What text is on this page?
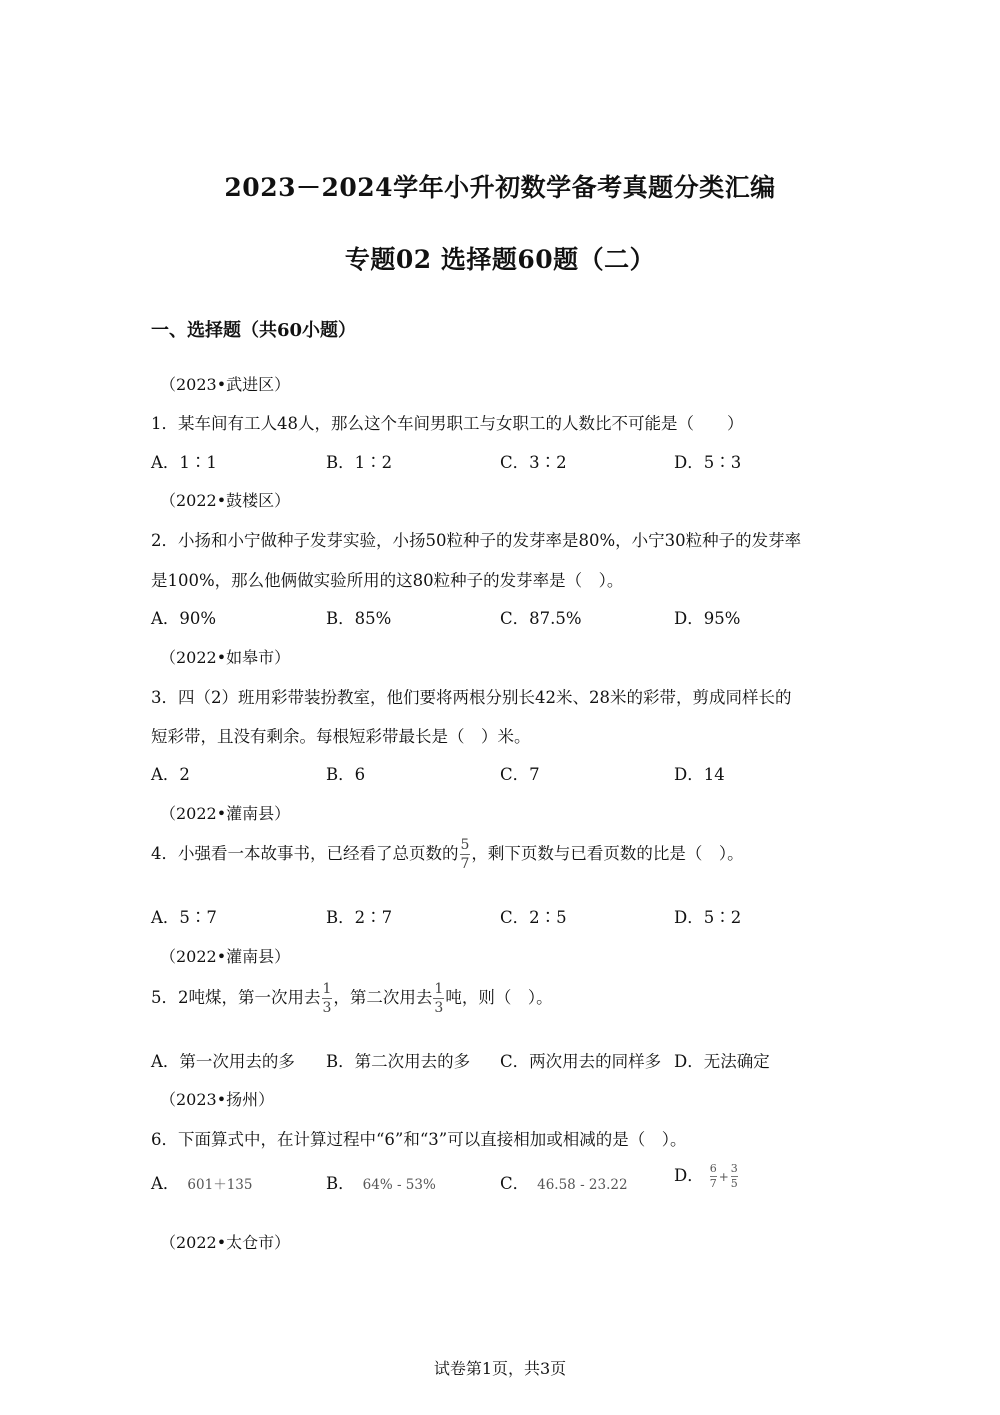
2023－2024学年小升初数学备考真题分类汇编
专题02 选择题60题（二）
一、选择题（共60小题）
（2023•武进区）
1．某车间有工人48人，那么这个车间男职工与女职工的人数比不可能是（　　）
A．1∶1	B．1∶2	C．3∶2	D．5∶3
（2022•鼓楼区）
2．小扬和小宁做种子发芽实验，小扬50粒种子的发芽率是80%，小宁30粒种子的发芽率
是100%，那么他俩做实验所用的这80粒种子的发芽率是（　）。
A．90%	B．85%	C．87.5%	D．95%
（2022•如皋市）
3．四（2）班用彩带装扮教室，他们要将两根分别长42米、28米的彩带，剪成同样长的
短彩带，且没有剩余。每根短彩带最长是（　）米。
A．2	B．6	C．7	D．14
（2022•灌南县）
4．小强看一本故事书，已经看了总页数的 $\frac{5}{7}$ ，剩下页数与已看页数的比是（　）。
A．5∶7	B．2∶7	C．2∶5	D．5∶2
（2022•灌南县）
5．2吨煤，第一次用去 $\frac{1}{3}$ ，第二次用去 $\frac{1}{3}$ 吨，则（　）。
A．第一次用去的多 B．第二次用去的多 C．两次用去的同样多 D．无法确定
（2023•扬州）
6．下面算式中，在计算过程中“6”和“3”可以直接相加或相减的是（　）。
A． 601＋135	B． 64% - 53%	C． 46.58 - 23.22	D． $\frac{6}{7} + \frac{3}{5}$
（2022•太仓市）
试卷第1页，共3页
